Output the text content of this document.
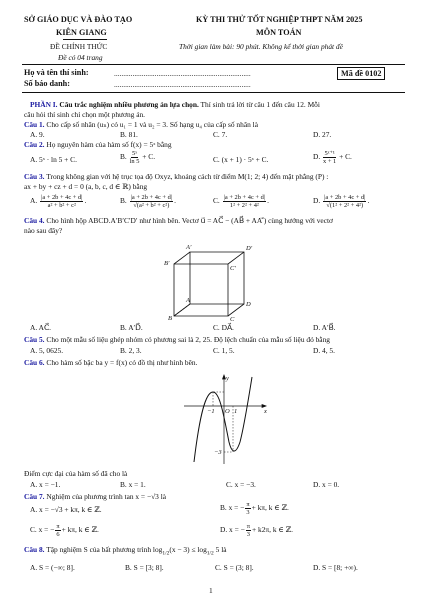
SỞ GIÁO DỤC VÀ ĐÀO TẠO
KIÊN GIANG
ĐỀ CHÍNH THỨC
Đề có 04 trang
KỲ THI THỬ TỐT NGHIỆP THPT NĂM 2025
MÔN TOÁN
Thời gian làm bài: 90 phút. Không kể thời gian phát đề
Họ và tên thí sinh:	..........................................................................
Số báo danh:	..........................................................................
Mã đề 0102
PHẦN I. Câu trắc nghiệm nhiều phương án lựa chọn. Thí sinh trả lời từ câu 1 đến câu 12. Mỗi
câu hỏi thí sinh chỉ chọn một phương án.
Câu 1. Cho cấp số nhân (uₙ) có u₁ = 1 và u₂ = 3. Số hạng u₄ của cấp số nhân là
A. 9.	B. 81.	C. 7.	D. 27.
Câu 2. Họ nguyên hàm của hàm số f(x) = 5ˣ bằng
A. 5ˣ · ln 5 + C.	B. $\frac{\text{5ˣ}}{\ln 5} + C$.	C. (x + 1) · 5ˣ + C.	D. $\frac{\text{5ˣ⁺¹}}{x + 1} + C$.
Câu 3. Trong không gian với hệ trục tọa độ Oxyz, khoảng cách từ điểm M(1; 2; 4) đến mặt phẳng (P) :
ax + by + cz + d = 0 (a, b, c, d ∈ ℝ) bằng
A. $\frac{|a + 2b + 4c + d|}{\text{a² + b² + c²}}$ .	B. $\frac{|a + 2b + 4c + d|}{\text{√(a² + b² + c²)}}$ .	C. $\frac{|a + 2b + 4c + d|}{\text{1² + 2² + 4²}}$ .	D. $\frac{|a + 2b + 4c + d|}{\text{√(1² + 2² + 4²)}}$ .
Câu 4. Cho hình hộp ABCD.A′B′C′D′ như hình bên. Vectơ u⃗ = AC⃗ − (AB⃗ + AA′⃗) cùng hướng với vectơ
nào sau đây?
A′	D′
B′
C′
A
D
B	C
A. AC⃗.	B. A′D⃗.	C. DA⃗.	D. A′B⃗.
Câu 5. Cho một mẫu số liệu ghép nhóm có phương sai là 2, 25. Độ lệch chuẩn của mẫu số liệu đó bằng
A. 5, 0625.	B. 2, 3.	C. 1, 5.	D. 4, 5.
Câu 6. Cho hàm số bậc ba y = f(x) có đồ thị như hình bên.
y
x
O 1
−1
−3
Điểm cực đại của hàm số đã cho là
A. x = −1.	B. x = 1.	C. x = −3.	D. x = 0.
Câu 7. Nghiệm của phương trình tan x = −√3 là
A. x = −√3 + kπ, k ∈ ℤ.	B. x = − $\frac{\pi}{3} + k\pi$, k ∈ ℤ.
C. x = − $\frac{\pi}{6} + k\pi$, k ∈ ℤ.	D. x = − $\frac{\pi}{3} + k2\pi$, k ∈ ℤ.
Câu 8. Tập nghiệm S của bất phương trình $\log_{1/2}(x - 3) \le \log_{1/2} 5$ là
A. S = (−∞; 8].	B. S = [3; 8].	C. S = (3; 8].	D. S = [8; +∞).
1
